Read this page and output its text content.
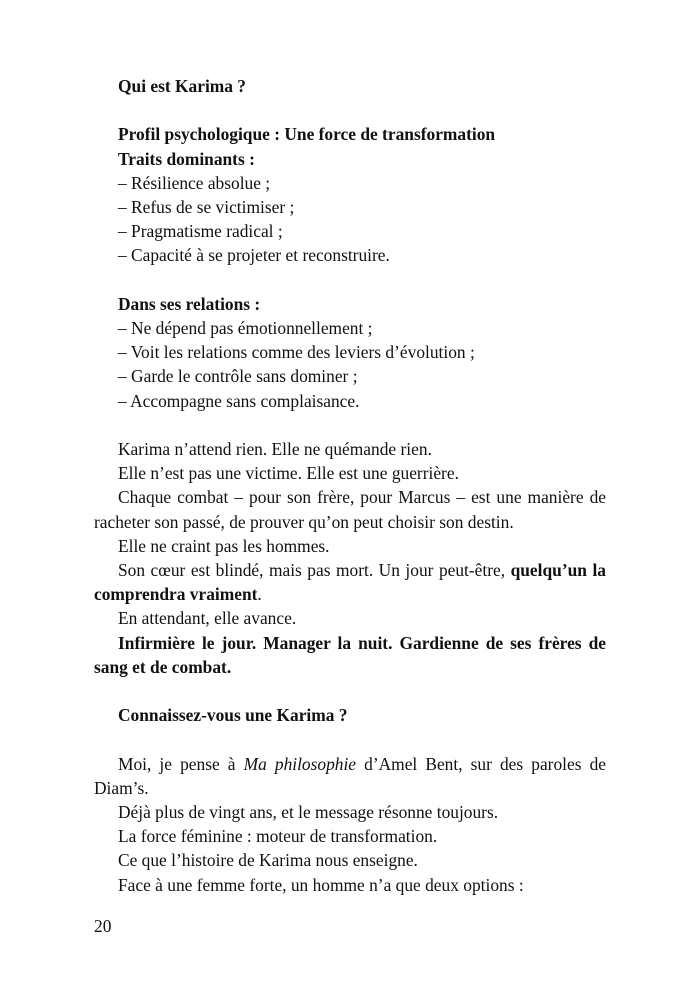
Qui est Karima ?

Profil psychologique : Une force de transformation

Traits dominants :

– Résilience absolue ;

– Refus de se victimiser ;

– Pragmatisme radical ;

– Capacité à se projeter et reconstruire.

Dans ses relations :

– Ne dépend pas émotionnellement ;

– Voit les relations comme des leviers d’évolution ;

– Garde le contrôle sans dominer ;

– Accompagne sans complaisance.

Karima n’attend rien. Elle ne quémande rien.

Elle n’est pas une victime. Elle est une guerrière.

Chaque combat – pour son frère, pour Marcus – est une manière de racheter son passé, de prouver qu’on peut choisir son destin.

Elle ne craint pas les hommes.

Son cœur est blindé, mais pas mort. Un jour peut-être, quelqu’un la comprendra vraiment.

En attendant, elle avance.

Infirmière le jour. Manager la nuit. Gardienne de ses frères de sang et de combat.

Connaissez-vous une Karima ?

Moi, je pense à Ma philosophie d’Amel Bent, sur des paroles de Diam’s.

Déjà plus de vingt ans, et le message résonne toujours.

La force féminine : moteur de transformation.

Ce que l’histoire de Karima nous enseigne.

Face à une femme forte, un homme n’a que deux options :

20
